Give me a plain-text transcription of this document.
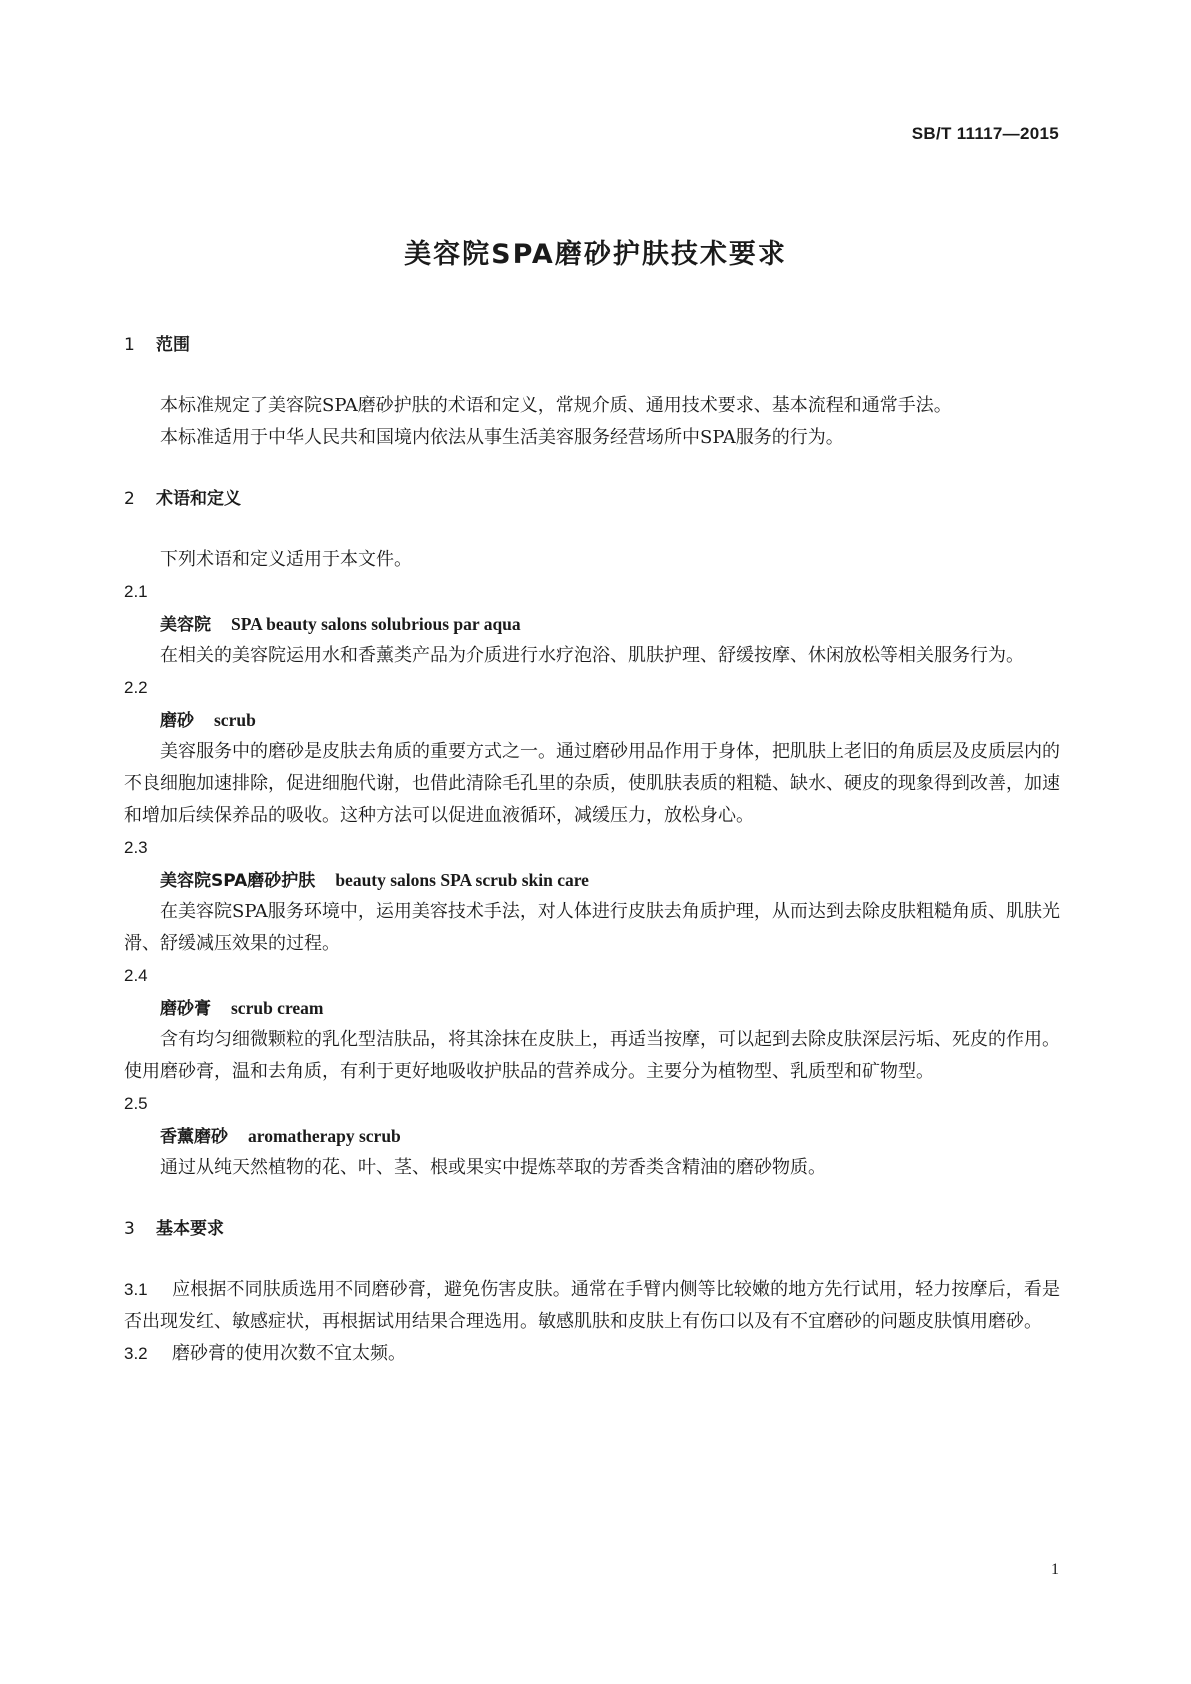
SB/T 11117—2015
美容院SPA磨砂护肤技术要求
1 范围

本标准规定了美容院SPA磨砂护肤的术语和定义，常规介质、通用技术要求、基本流程和通常手法。

本标准适用于中华人民共和国境内依法从事生活美容服务经营场所中SPA服务的行为。

2 术语和定义

下列术语和定义适用于本文件。

2.1
美容院 SPA beauty salons solubrious par aqua

在相关的美容院运用水和香薰类产品为介质进行水疗泡浴、肌肤护理、舒缓按摩、休闲放松等相关服务行为。

2.2
磨砂 scrub

美容服务中的磨砂是皮肤去角质的重要方式之一。通过磨砂用品作用于身体，把肌肤上老旧的角质层及皮质层内的不良细胞加速排除，促进细胞代谢，也借此清除毛孔里的杂质，使肌肤表质的粗糙、缺水、硬皮的现象得到改善，加速和增加后续保养品的吸收。这种方法可以促进血液循环，减缓压力，放松身心。

2.3
美容院SPA磨砂护肤 beauty salons SPA scrub skin care

在美容院SPA服务环境中，运用美容技术手法，对人体进行皮肤去角质护理，从而达到去除皮肤粗糙角质、肌肤光滑、舒缓减压效果的过程。

2.4
磨砂膏 scrub cream

含有均匀细微颗粒的乳化型洁肤品，将其涂抹在皮肤上，再适当按摩，可以起到去除皮肤深层污垢、死皮的作用。使用磨砂膏，温和去角质，有利于更好地吸收护肤品的营养成分。主要分为植物型、乳质型和矿物型。

2.5
香薰磨砂 aromatherapy scrub

通过从纯天然植物的花、叶、茎、根或果实中提炼萃取的芳香类含精油的磨砂物质。

3 基本要求

3.1 应根据不同肤质选用不同磨砂膏，避免伤害皮肤。通常在手臂内侧等比较嫩的地方先行试用，轻力按摩后，看是否出现发红、敏感症状，再根据试用结果合理选用。敏感肌肤和皮肤上有伤口以及有不宜磨砂的问题皮肤慎用磨砂。

3.2 磨砂膏的使用次数不宜太频。

1
